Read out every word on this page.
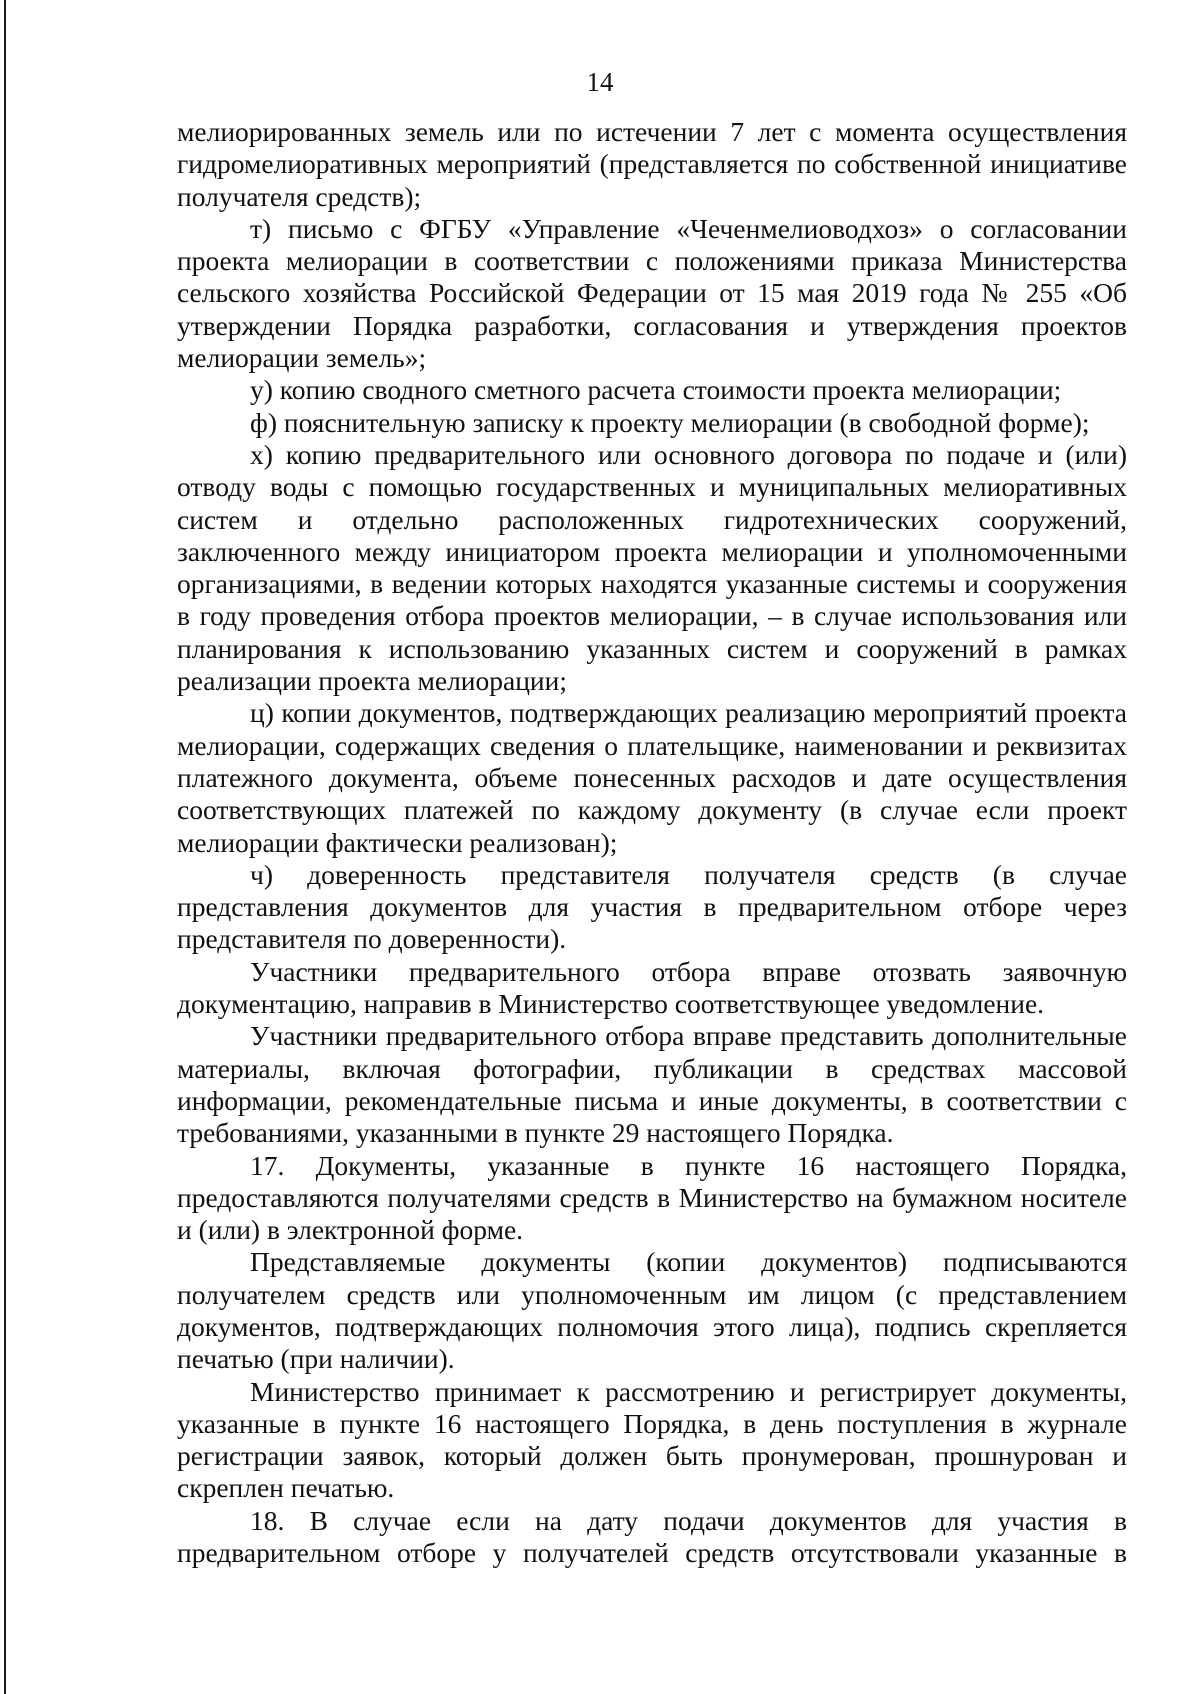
14

мелиорированных земель или по истечении 7 лет с момента осуществления гидромелиоративных мероприятий (представляется по собственной инициативе получателя средств);

т) письмо с ФГБУ «Управление «Чеченмелиоводхоз» о согласовании проекта мелиорации в соответствии с положениями приказа Министерства сельского хозяйства Российской Федерации от 15 мая 2019 года № 255 «Об утверждении Порядка разработки, согласования и утверждения проектов мелиорации земель»;

у) копию сводного сметного расчета стоимости проекта мелиорации;

ф) пояснительную записку к проекту мелиорации (в свободной форме);

х) копию предварительного или основного договора по подаче и (или) отводу воды с помощью государственных и муниципальных мелиоративных систем и отдельно расположенных гидротехнических сооружений, заключенного между инициатором проекта мелиорации и уполномоченными организациями, в ведении которых находятся указанные системы и сооружения в году проведения отбора проектов мелиорации, – в случае использования или планирования к использованию указанных систем и сооружений в рамках реализации проекта мелиорации;

ц) копии документов, подтверждающих реализацию мероприятий проекта мелиорации, содержащих сведения о плательщике, наименовании и реквизитах платежного документа, объеме понесенных расходов и дате осуществления соответствующих платежей по каждому документу (в случае если проект мелиорации фактически реализован);

ч) доверенность представителя получателя средств (в случае представления документов для участия в предварительном отборе через представителя по доверенности).

Участники предварительного отбора вправе отозвать заявочную документацию, направив в Министерство соответствующее уведомление.

Участники предварительного отбора вправе представить дополнительные материалы, включая фотографии, публикации в средствах массовой информации, рекомендательные письма и иные документы, в соответствии с требованиями, указанными в пункте 29 настоящего Порядка.

17. Документы, указанные в пункте 16 настоящего Порядка, предоставляются получателями средств в Министерство на бумажном носителе и (или) в электронной форме.

Представляемые документы (копии документов) подписываются получателем средств или уполномоченным им лицом (с представлением документов, подтверждающих полномочия этого лица), подпись скрепляется печатью (при наличии).

Министерство принимает к рассмотрению и регистрирует документы, указанные в пункте 16 настоящего Порядка, в день поступления в журнале регистрации заявок, который должен быть пронумерован, прошнурован и скреплен печатью.

18. В случае если на дату подачи документов для участия в предварительном отборе у получателей средств отсутствовали указанные в
